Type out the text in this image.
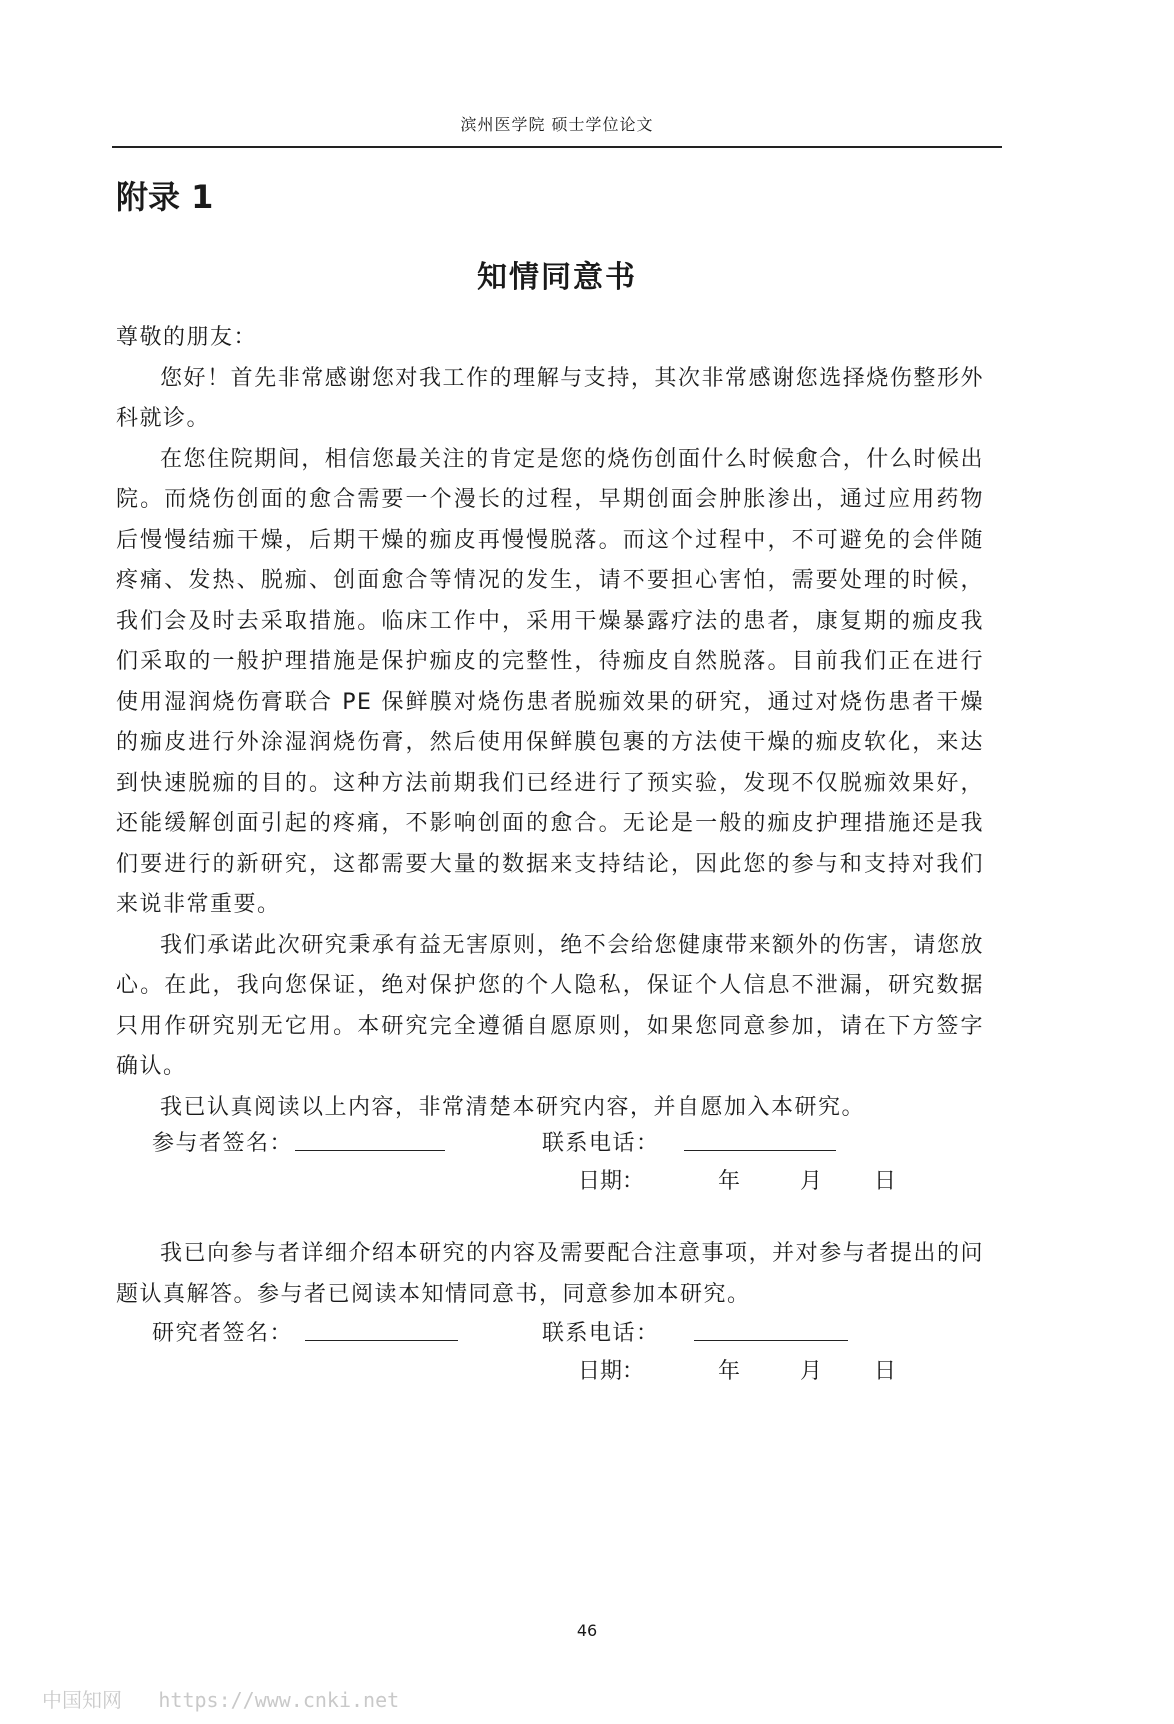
滨州医学院 硕士学位论文
附录 1
知情同意书
尊敬的朋友：

您好！首先非常感谢您对我工作的理解与支持，其次非常感谢您选择烧伤整形外科就诊。

在您住院期间，相信您最关注的肯定是您的烧伤创面什么时候愈合，什么时候出院。而烧伤创面的愈合需要一个漫长的过程，早期创面会肿胀渗出，通过应用药物后慢慢结痂干燥，后期干燥的痂皮再慢慢脱落。而这个过程中，不可避免的会伴随疼痛、发热、脱痂、创面愈合等情况的发生，请不要担心害怕，需要处理的时候，我们会及时去采取措施。临床工作中，采用干燥暴露疗法的患者，康复期的痂皮我们采取的一般护理措施是保护痂皮的完整性，待痂皮自然脱落。目前我们正在进行使用湿润烧伤膏联合 PE 保鲜膜对烧伤患者脱痂效果的研究，通过对烧伤患者干燥的痂皮进行外涂湿润烧伤膏，然后使用保鲜膜包裹的方法使干燥的痂皮软化，来达到快速脱痂的目的。这种方法前期我们已经进行了预实验，发现不仅脱痂效果好，还能缓解创面引起的疼痛，不影响创面的愈合。无论是一般的痂皮护理措施还是我们要进行的新研究，这都需要大量的数据来支持结论，因此您的参与和支持对我们来说非常重要。

我们承诺此次研究秉承有益无害原则，绝不会给您健康带来额外的伤害，请您放心。在此，我向您保证，绝对保护您的个人隐私，保证个人信息不泄漏，研究数据只用作研究别无它用。本研究完全遵循自愿原则，如果您同意参加，请在下方签字确认。

我已认真阅读以上内容，非常清楚本研究内容，并自愿加入本研究。

参与者签名：	联系电话：
日期：	年	月 日

我已向参与者详细介绍本研究的内容及需要配合注意事项，并对参与者提出的问题认真解答。参与者已阅读本知情同意书，同意参加本研究。

研究者签名：	联系电话：
日期：	年	月 日
46
中国知网 https://www.cnki.net
